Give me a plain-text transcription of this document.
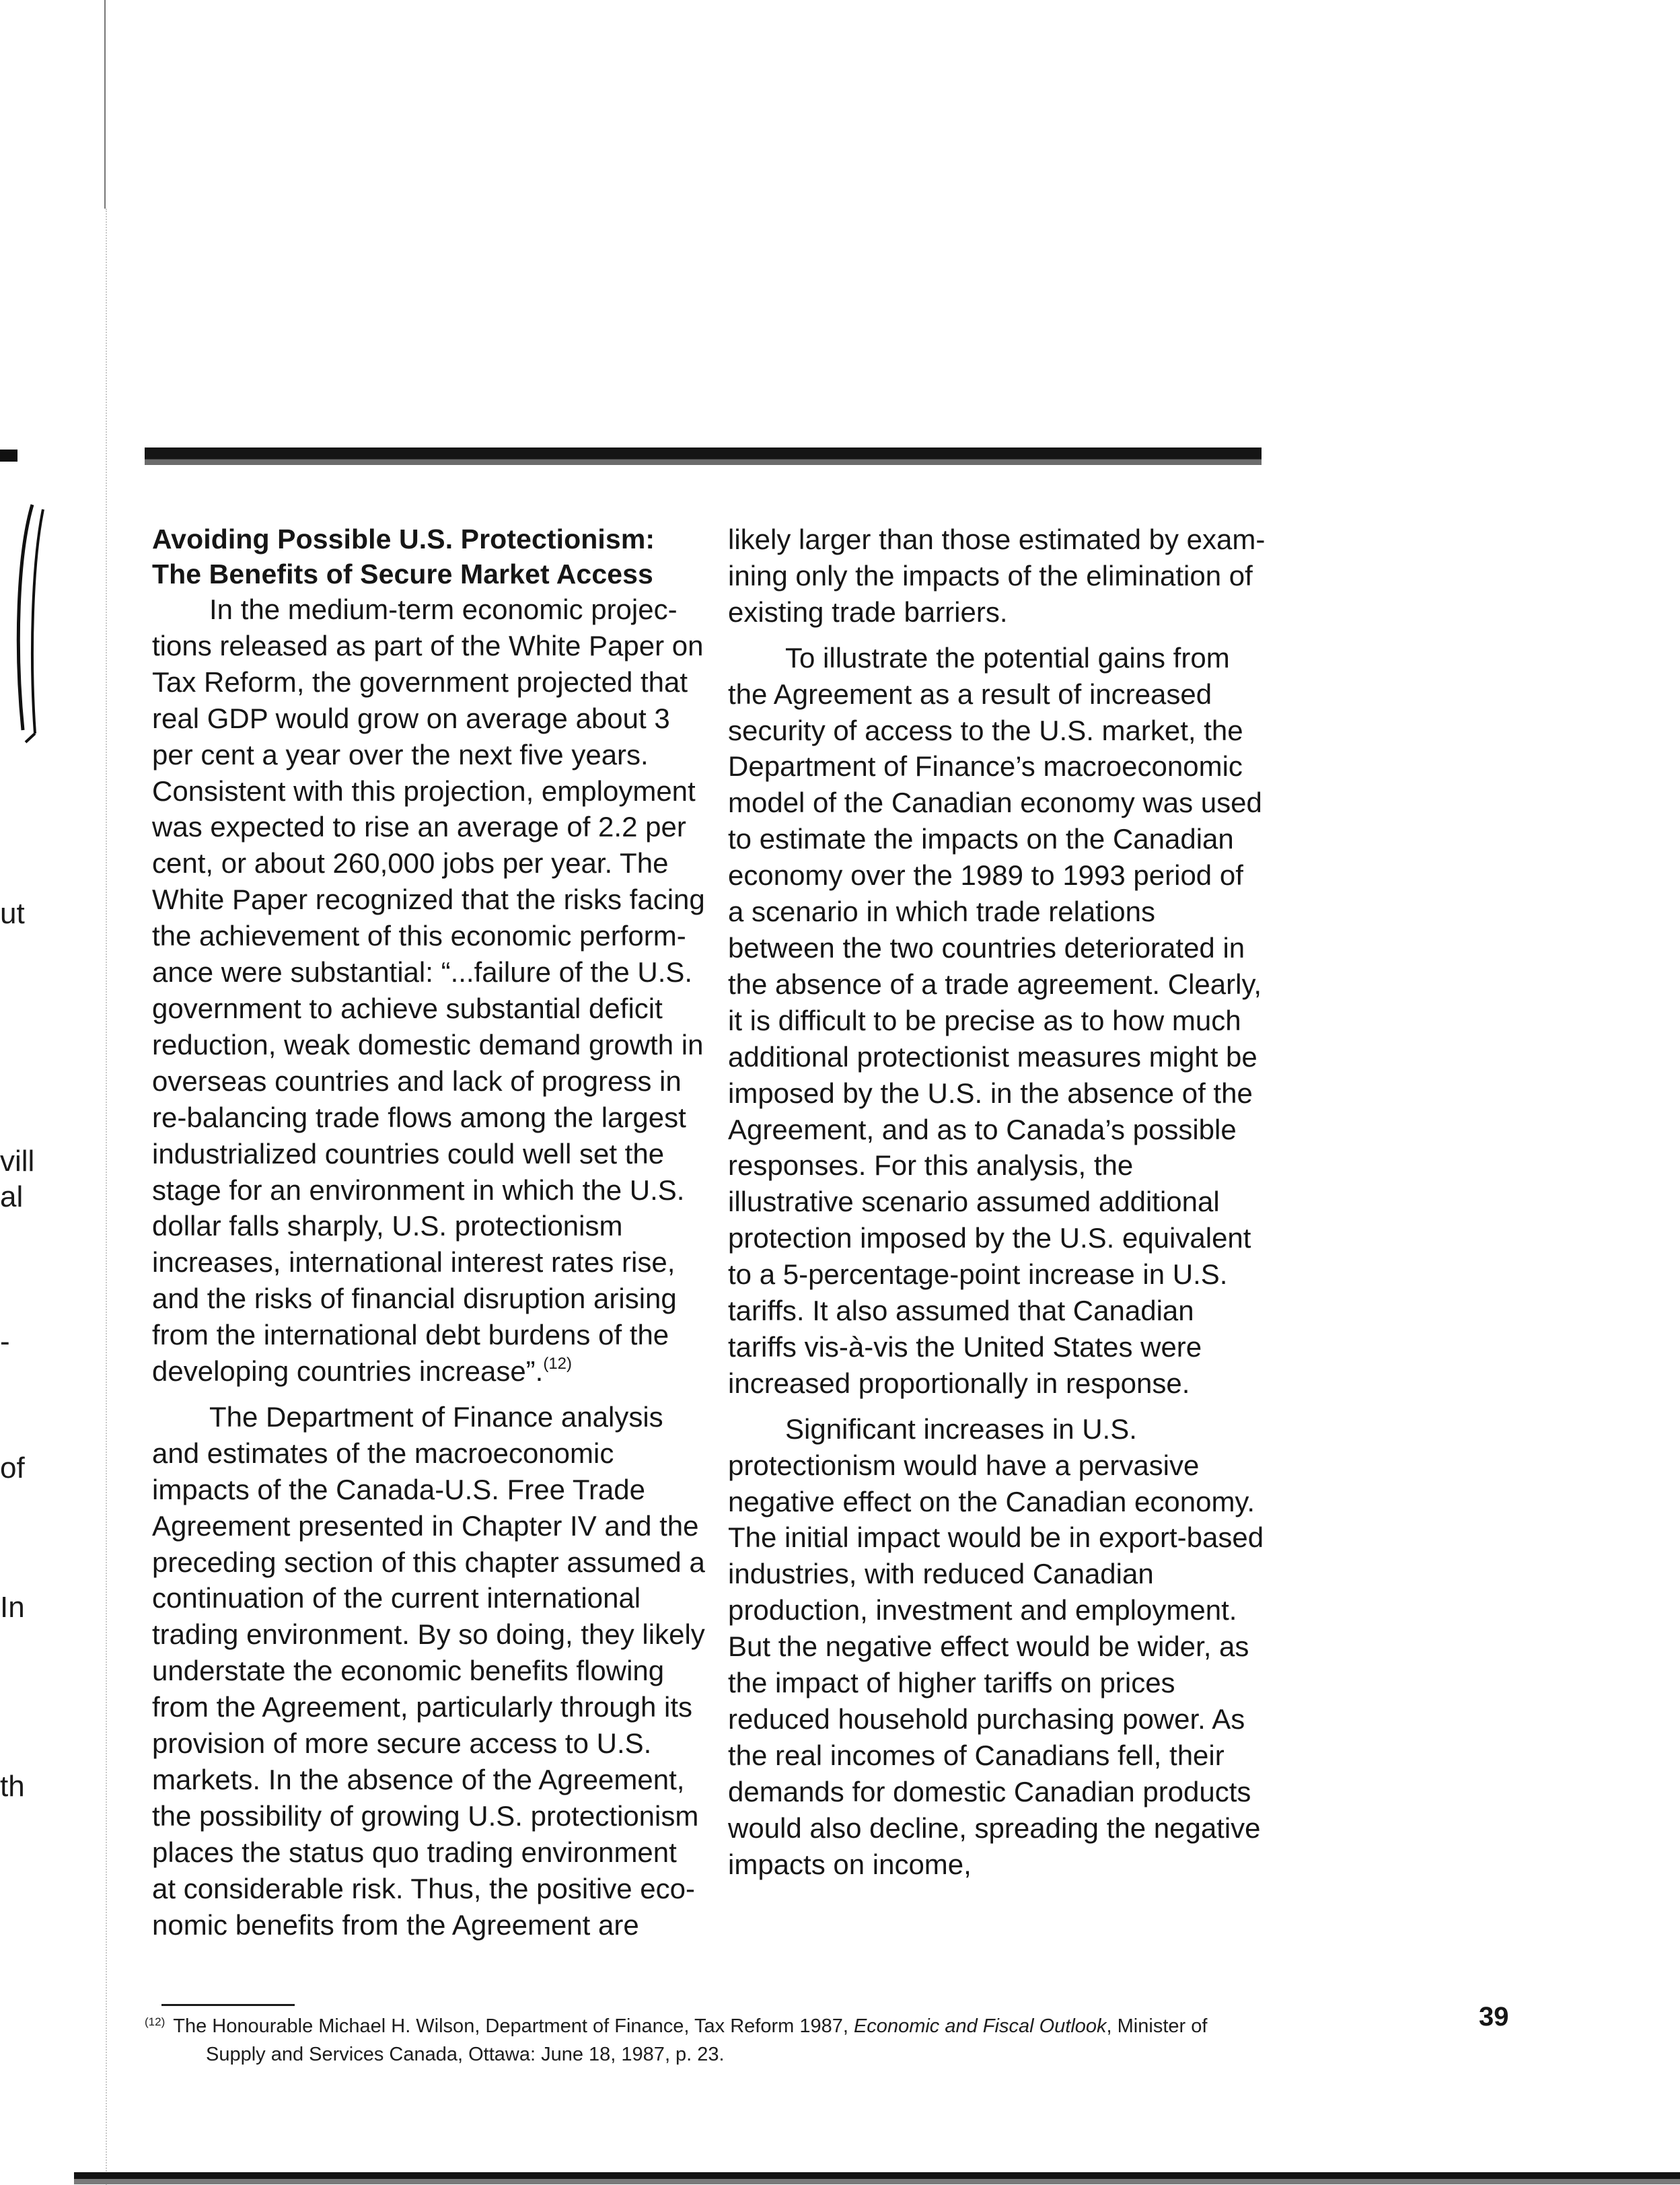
ut
vill
al
-
of
In
th

Avoiding Possible U.S. Protectionism:
The Benefits of Secure Market Access

In the medium-term economic projections released as part of the White Paper on Tax Reform, the government projected that real GDP would grow on average about 3 per cent a year over the next five years. Consistent with this projection, employment was expected to rise an average of 2.2 per cent, or about 260,000 jobs per year. The White Paper recognized that the risks facing the achievement of this economic performance were substantial: “...failure of the U.S. government to achieve substantial deficit reduction, weak domestic demand growth in overseas countries and lack of progress in re-balancing trade flows among the largest industrialized countries could well set the stage for an environment in which the U.S. dollar falls sharply, U.S. protectionism increases, international interest rates rise, and the risks of financial disruption arising from the international debt burdens of the developing countries increase”.$^{(12)}$

The Department of Finance analysis and estimates of the macroeconomic impacts of the Canada-U.S. Free Trade Agreement presented in Chapter IV and the preceding section of this chapter assumed a continuation of the current international trading environment. By so doing, they likely understate the economic benefits flowing from the Agreement, particularly through its provision of more secure access to U.S. markets. In the absence of the Agreement, the possibility of growing U.S. protectionism places the status quo trading environment at considerable risk. Thus, the positive economic benefits from the Agreement are

likely larger than those estimated by examining only the impacts of the elimination of existing trade barriers.

To illustrate the potential gains from the Agreement as a result of increased security of access to the U.S. market, the Department of Finance’s macroeconomic model of the Canadian economy was used to estimate the impacts on the Canadian economy over the 1989 to 1993 period of a scenario in which trade relations between the two countries deteriorated in the absence of a trade agreement. Clearly, it is difficult to be precise as to how much additional protectionist measures might be imposed by the U.S. in the absence of the Agreement, and as to Canada’s possible responses. For this analysis, the illustrative scenario assumed additional protection imposed by the U.S. equivalent to a 5-percentage-point increase in U.S. tariffs. It also assumed that Canadian tariffs vis-à-vis the United States were increased proportionally in response.

Significant increases in U.S. protectionism would have a pervasive negative effect on the Canadian economy. The initial impact would be in export-based industries, with reduced Canadian production, investment and employment. But the negative effect would be wider, as the impact of higher tariffs on prices reduced household purchasing power. As the real incomes of Canadians fell, their demands for domestic Canadian products would also decline, spreading the negative impacts on income,

$^{(12)}$ The Honourable Michael H. Wilson, Department of Finance, Tax Reform 1987, Economic and Fiscal Outlook, Minister of
Supply and Services Canada, Ottawa: June 18, 1987, p. 23.
39
